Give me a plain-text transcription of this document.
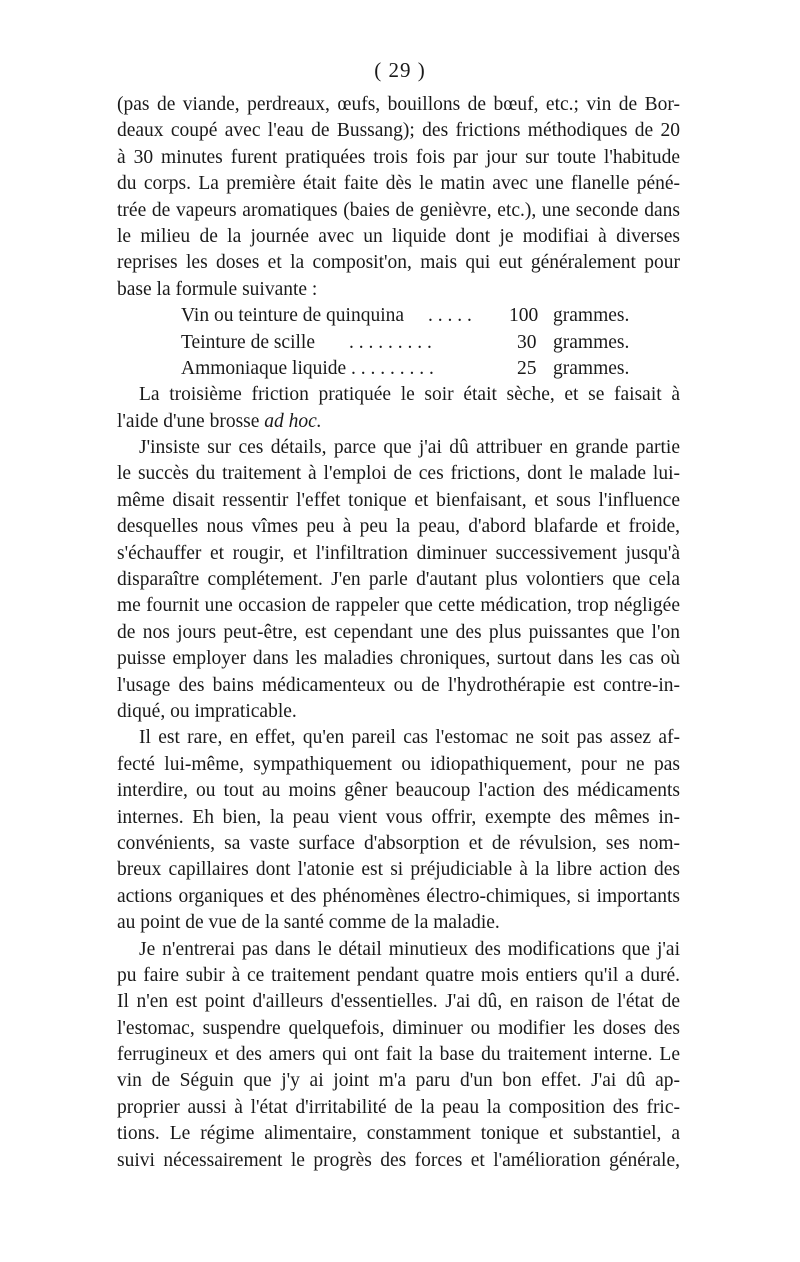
( 29 )
(pas de viande, perdreaux, œufs, bouillons de bœuf, etc.; vin de Bor-
deaux coupé avec l'eau de Bussang); des frictions méthodiques de 20
à 30 minutes furent pratiquées trois fois par jour sur toute l'habitude
du corps. La première était faite dès le matin avec une flanelle péné-
trée de vapeurs aromatiques (baies de genièvre, etc.), une seconde dans
le milieu de la journée avec un liquide dont je modifiai à diverses
reprises les doses et la composit'on, mais qui eut généralement pour
base la formule suivante :
Vin ou teinture de quinquina . . . . . 100 grammes.
Teinture de scille . . . . . . . . .	30 grammes.
Ammoniaque liquide . . . . . . . . .	25 grammes.
La troisième friction pratiquée le soir était sèche, et se faisait à
l'aide d'une brosse ad hoc.
J'insiste sur ces détails, parce que j'ai dû attribuer en grande partie
le succès du traitement à l'emploi de ces frictions, dont le malade lui-
même disait ressentir l'effet tonique et bienfaisant, et sous l'influence
desquelles nous vîmes peu à peu la peau, d'abord blafarde et froide,
s'échauffer et rougir, et l'infiltration diminuer successivement jusqu'à
disparaître complétement. J'en parle d'autant plus volontiers que cela
me fournit une occasion de rappeler que cette médication, trop négligée
de nos jours peut-être, est cependant une des plus puissantes que l'on
puisse employer dans les maladies chroniques, surtout dans les cas où
l'usage des bains médicamenteux ou de l'hydrothérapie est contre-in-
diqué, ou impraticable.
Il est rare, en effet, qu'en pareil cas l'estomac ne soit pas assez af-
fecté lui-même, sympathiquement ou idiopathiquement, pour ne pas
interdire, ou tout au moins gêner beaucoup l'action des médicaments
internes. Eh bien, la peau vient vous offrir, exempte des mêmes in-
convénients, sa vaste surface d'absorption et de révulsion, ses nom-
breux capillaires dont l'atonie est si préjudiciable à la libre action des
actions organiques et des phénomènes électro-chimiques, si importants
au point de vue de la santé comme de la maladie.
Je n'entrerai pas dans le détail minutieux des modifications que j'ai
pu faire subir à ce traitement pendant quatre mois entiers qu'il a duré.
Il n'en est point d'ailleurs d'essentielles. J'ai dû, en raison de l'état de
l'estomac, suspendre quelquefois, diminuer ou modifier les doses des
ferrugineux et des amers qui ont fait la base du traitement interne. Le
vin de Séguin que j'y ai joint m'a paru d'un bon effet. J'ai dû ap-
proprier aussi à l'état d'irritabilité de la peau la composition des fric-
tions. Le régime alimentaire, constamment tonique et substantiel, a
suivi nécessairement le progrès des forces et l'amélioration générale,
